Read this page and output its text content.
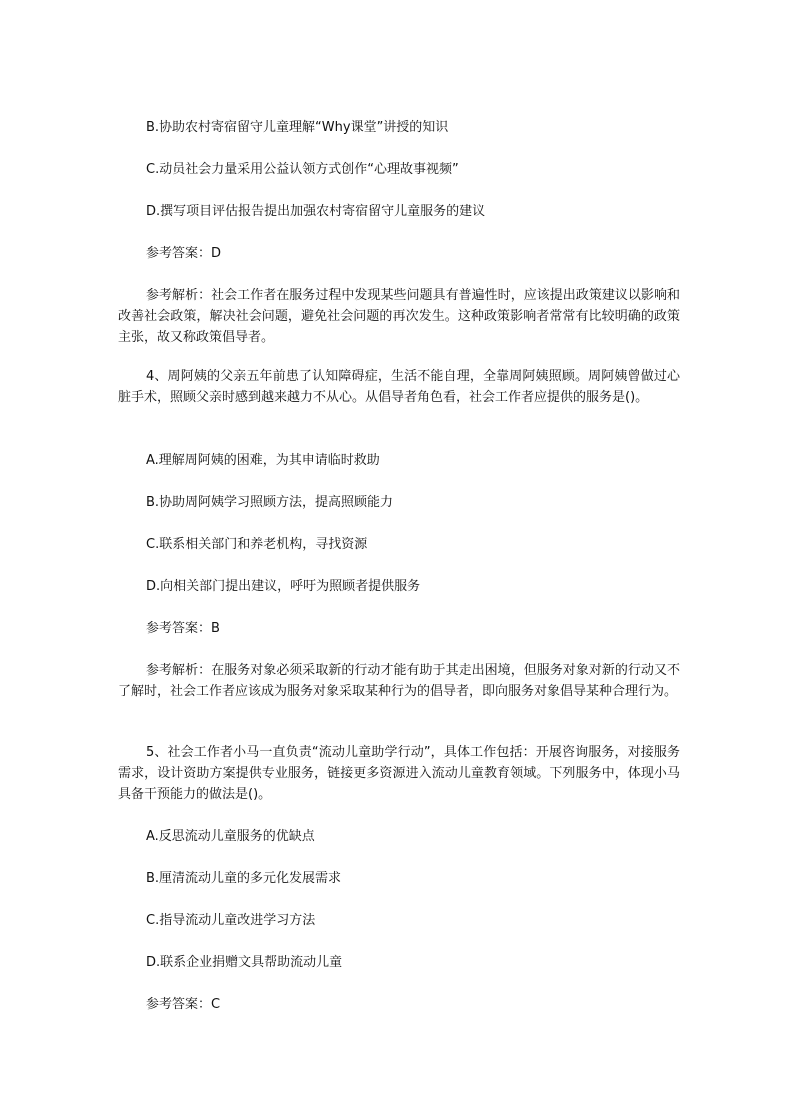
B.协助农村寄宿留守儿童理解“Why课堂”讲授的知识
C.动员社会力量采用公益认领方式创作“心理故事视频”
D.撰写项目评估报告提出加强农村寄宿留守儿童服务的建议
参考答案：D
参考解析：社会工作者在服务过程中发现某些问题具有普遍性时，应该提出政策建议以影响和改善社会政策，解决社会问题，避免社会问题的再次发生。这种政策影响者常常有比较明确的政策主张，故又称政策倡导者。
4、周阿姨的父亲五年前患了认知障碍症，生活不能自理，全靠周阿姨照顾。周阿姨曾做过心脏手术，照顾父亲时感到越来越力不从心。从倡导者角色看，社会工作者应提供的服务是()。
A.理解周阿姨的困难，为其申请临时救助
B.协助周阿姨学习照顾方法，提高照顾能力
C.联系相关部门和养老机构，寻找资源
D.向相关部门提出建议，呼吁为照顾者提供服务
参考答案：B
参考解析：在服务对象必须采取新的行动才能有助于其走出困境，但服务对象对新的行动又不了解时，社会工作者应该成为服务对象采取某种行为的倡导者，即向服务对象倡导某种合理行为。
5、社会工作者小马一直负责“流动儿童助学行动”，具体工作包括：开展咨询服务，对接服务需求，设计资助方案提供专业服务，链接更多资源进入流动儿童教育领域。下列服务中，体现小马具备干预能力的做法是()。
A.反思流动儿童服务的优缺点
B.厘清流动儿童的多元化发展需求
C.指导流动儿童改进学习方法
D.联系企业捐赠文具帮助流动儿童
参考答案：C
